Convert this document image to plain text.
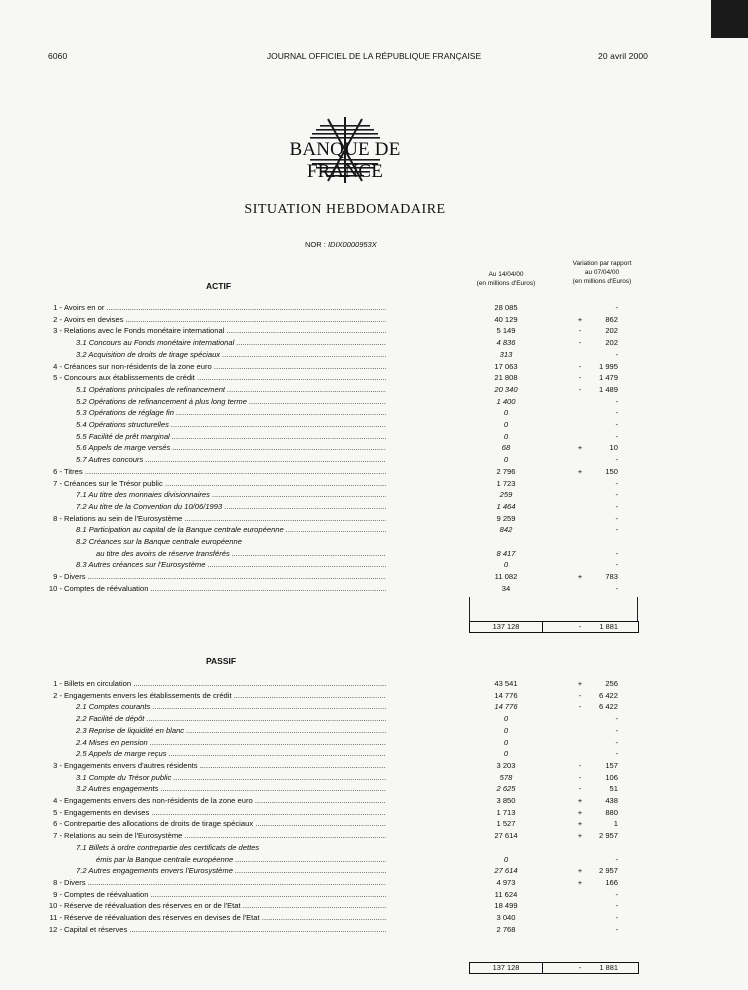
6060	JOURNAL OFFICIEL DE LA RÉPUBLIQUE FRANÇAISE	20 avril 2000
BANQUE DE FRANCE
SITUATION HEBDOMADAIRE
NOR : IDIX0000953X
Au 14/04/00
(en millions d'Euros)
Variation par rapport
au 07/04/00
(en millions d'Euros)
ACTIF
1 - Avoirs en or .....	28 085	-
2 - Avoirs en devises .....	40 129	+	862
3 - Relations avec le Fonds monétaire international .....	5 149	-	202
3.1 Concours au Fonds monétaire international .....	4 836	-	202
3.2 Acquisition de droits de tirage spéciaux .....	313	-
4 - Créances sur non-résidents de la zone euro .....	17 063	-	1 995
5 - Concours aux établissements de crédit .....	21 808	-	1 479
5.1 Opérations principales de refinancement .....	20 340	-	1 489
5.2 Opérations de refinancement à plus long terme .....	1 400	-
5.3 Opérations de réglage fin .....	0	-
5.4 Opérations structurelles .....	0	-
5.5 Facilité de prêt marginal .....	0	-
5.6 Appels de marge versés .....	68	+	10
5.7 Autres concours .....	0	-
6 - Titres .....	2 796	+	150
7 - Créances sur le Trésor public .....	1 723	-
7.1 Au titre des monnaies divisionnaires .....	259	-
7.2 Au titre de la Convention du 10/06/1993 .....	1 464	-
8 - Relations au sein de l'Eurosystème .....	9 259	-
8.1 Participation au capital de la Banque centrale européenne .....	842	-
8.2 Créances sur la Banque centrale européenne
au titre des avoirs de réserve transférés .....	8 417	-
8.3 Autres créances sur l'Eurosystème .....	0	-
9 - Divers .....	11 082	+	783
10 - Comptes de réévaluation .....	34	-
137 128	-	1 881
PASSIF
1 - Billets en circulation .....	43 541	+	256
2 - Engagements envers les établissements de crédit .....	14 776	-	6 422
2.1 Comptes courants .....	14 776	-	6 422
2.2 Facilité de dépôt .....	0	-
2.3 Reprise de liquidité en blanc .....	0	-
2.4 Mises en pension .....	0	-
2.5 Appels de marge reçus .....	0	-
3 - Engagements envers d'autres résidents .....	3 203	-	157
3.1 Compte du Trésor public .....	578	-	106
3.2 Autres engagements .....	2 625	-	51
4 - Engagements envers des non-résidents de la zone euro .....	3 850	+	438
5 - Engagements en devises .....	1 713	+	880
6 - Contrepartie des allocations de droits de tirage spéciaux .....	1 527	+	1
7 - Relations au sein de l'Eurosystème .....	27 614	+	2 957
7.1 Billets à ordre contrepartie des certificats de dettes
émis par la Banque centrale européenne .....	0	-
7.2 Autres engagements envers l'Eurosystème .....	27 614	+	2 957
8 - Divers .....	4 973	+	166
9 - Comptes de réévaluation .....	11 624	-
10 - Réserve de réévaluation des réserves en or de l'Etat .....	18 499	-
11 - Réserve de réévaluation des réserves en devises de l'Etat .....	3 040	-
12 - Capital et réserves .....	2 768	-
137 128	-	1 881
